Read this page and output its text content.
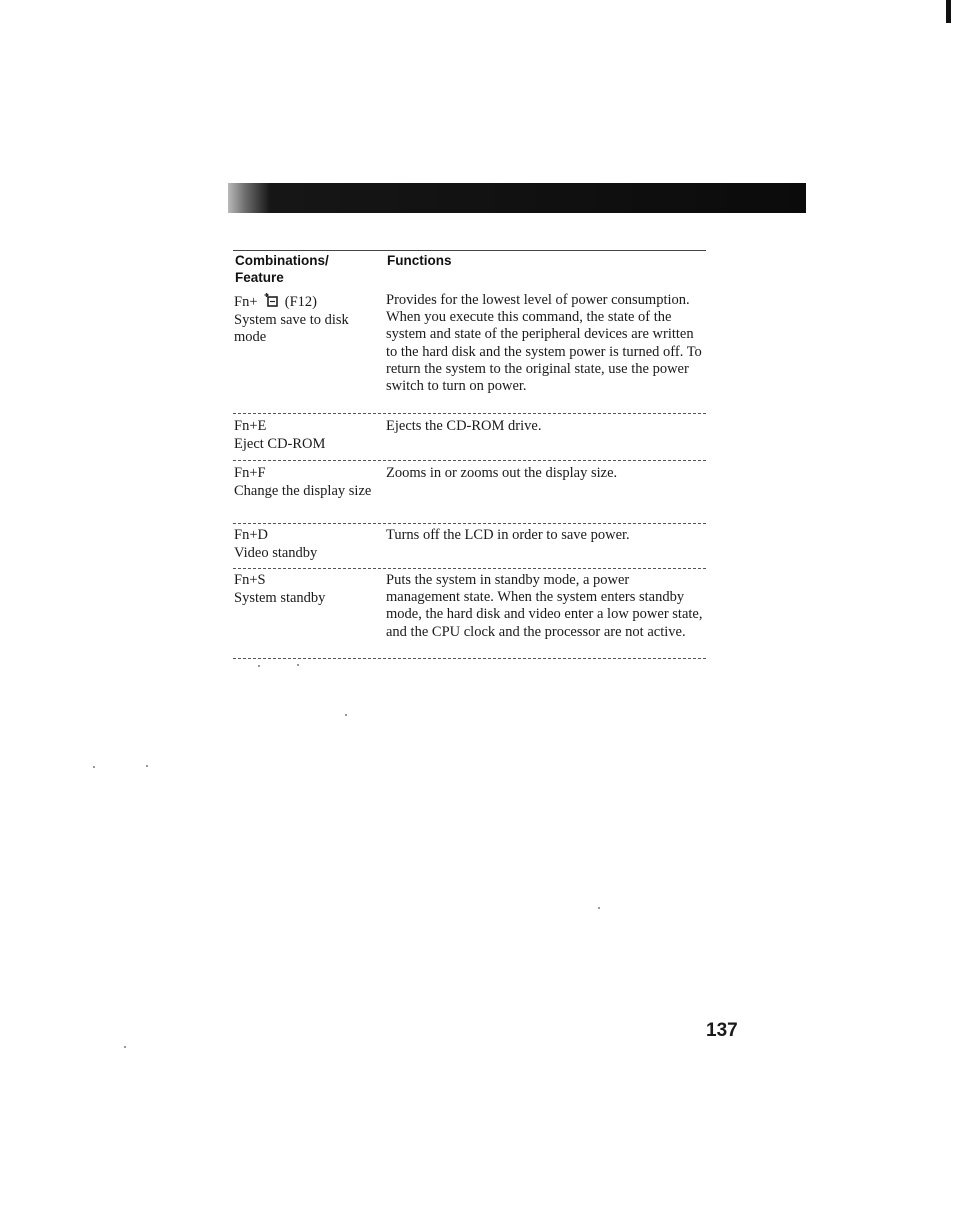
Combinations/ Feature
Functions
Fn+ (F12)
System save to disk mode
Provides for the lowest level of power consumption. When you execute this command, the state of the system and state of the peripheral devices are written to the hard disk and the system power is turned off. To return the system to the original state, use the power switch to turn on power.
Fn+E
Eject CD-ROM
Ejects the CD-ROM drive.
Fn+F
Change the display size
Zooms in or zooms out the display size.
Fn+D
Video standby
Turns off the LCD in order to save power.
Fn+S
System standby
Puts the system in standby mode, a power management state. When the system enters standby mode, the hard disk and video enter a low power state, and the CPU clock and the processor are not active.
137
